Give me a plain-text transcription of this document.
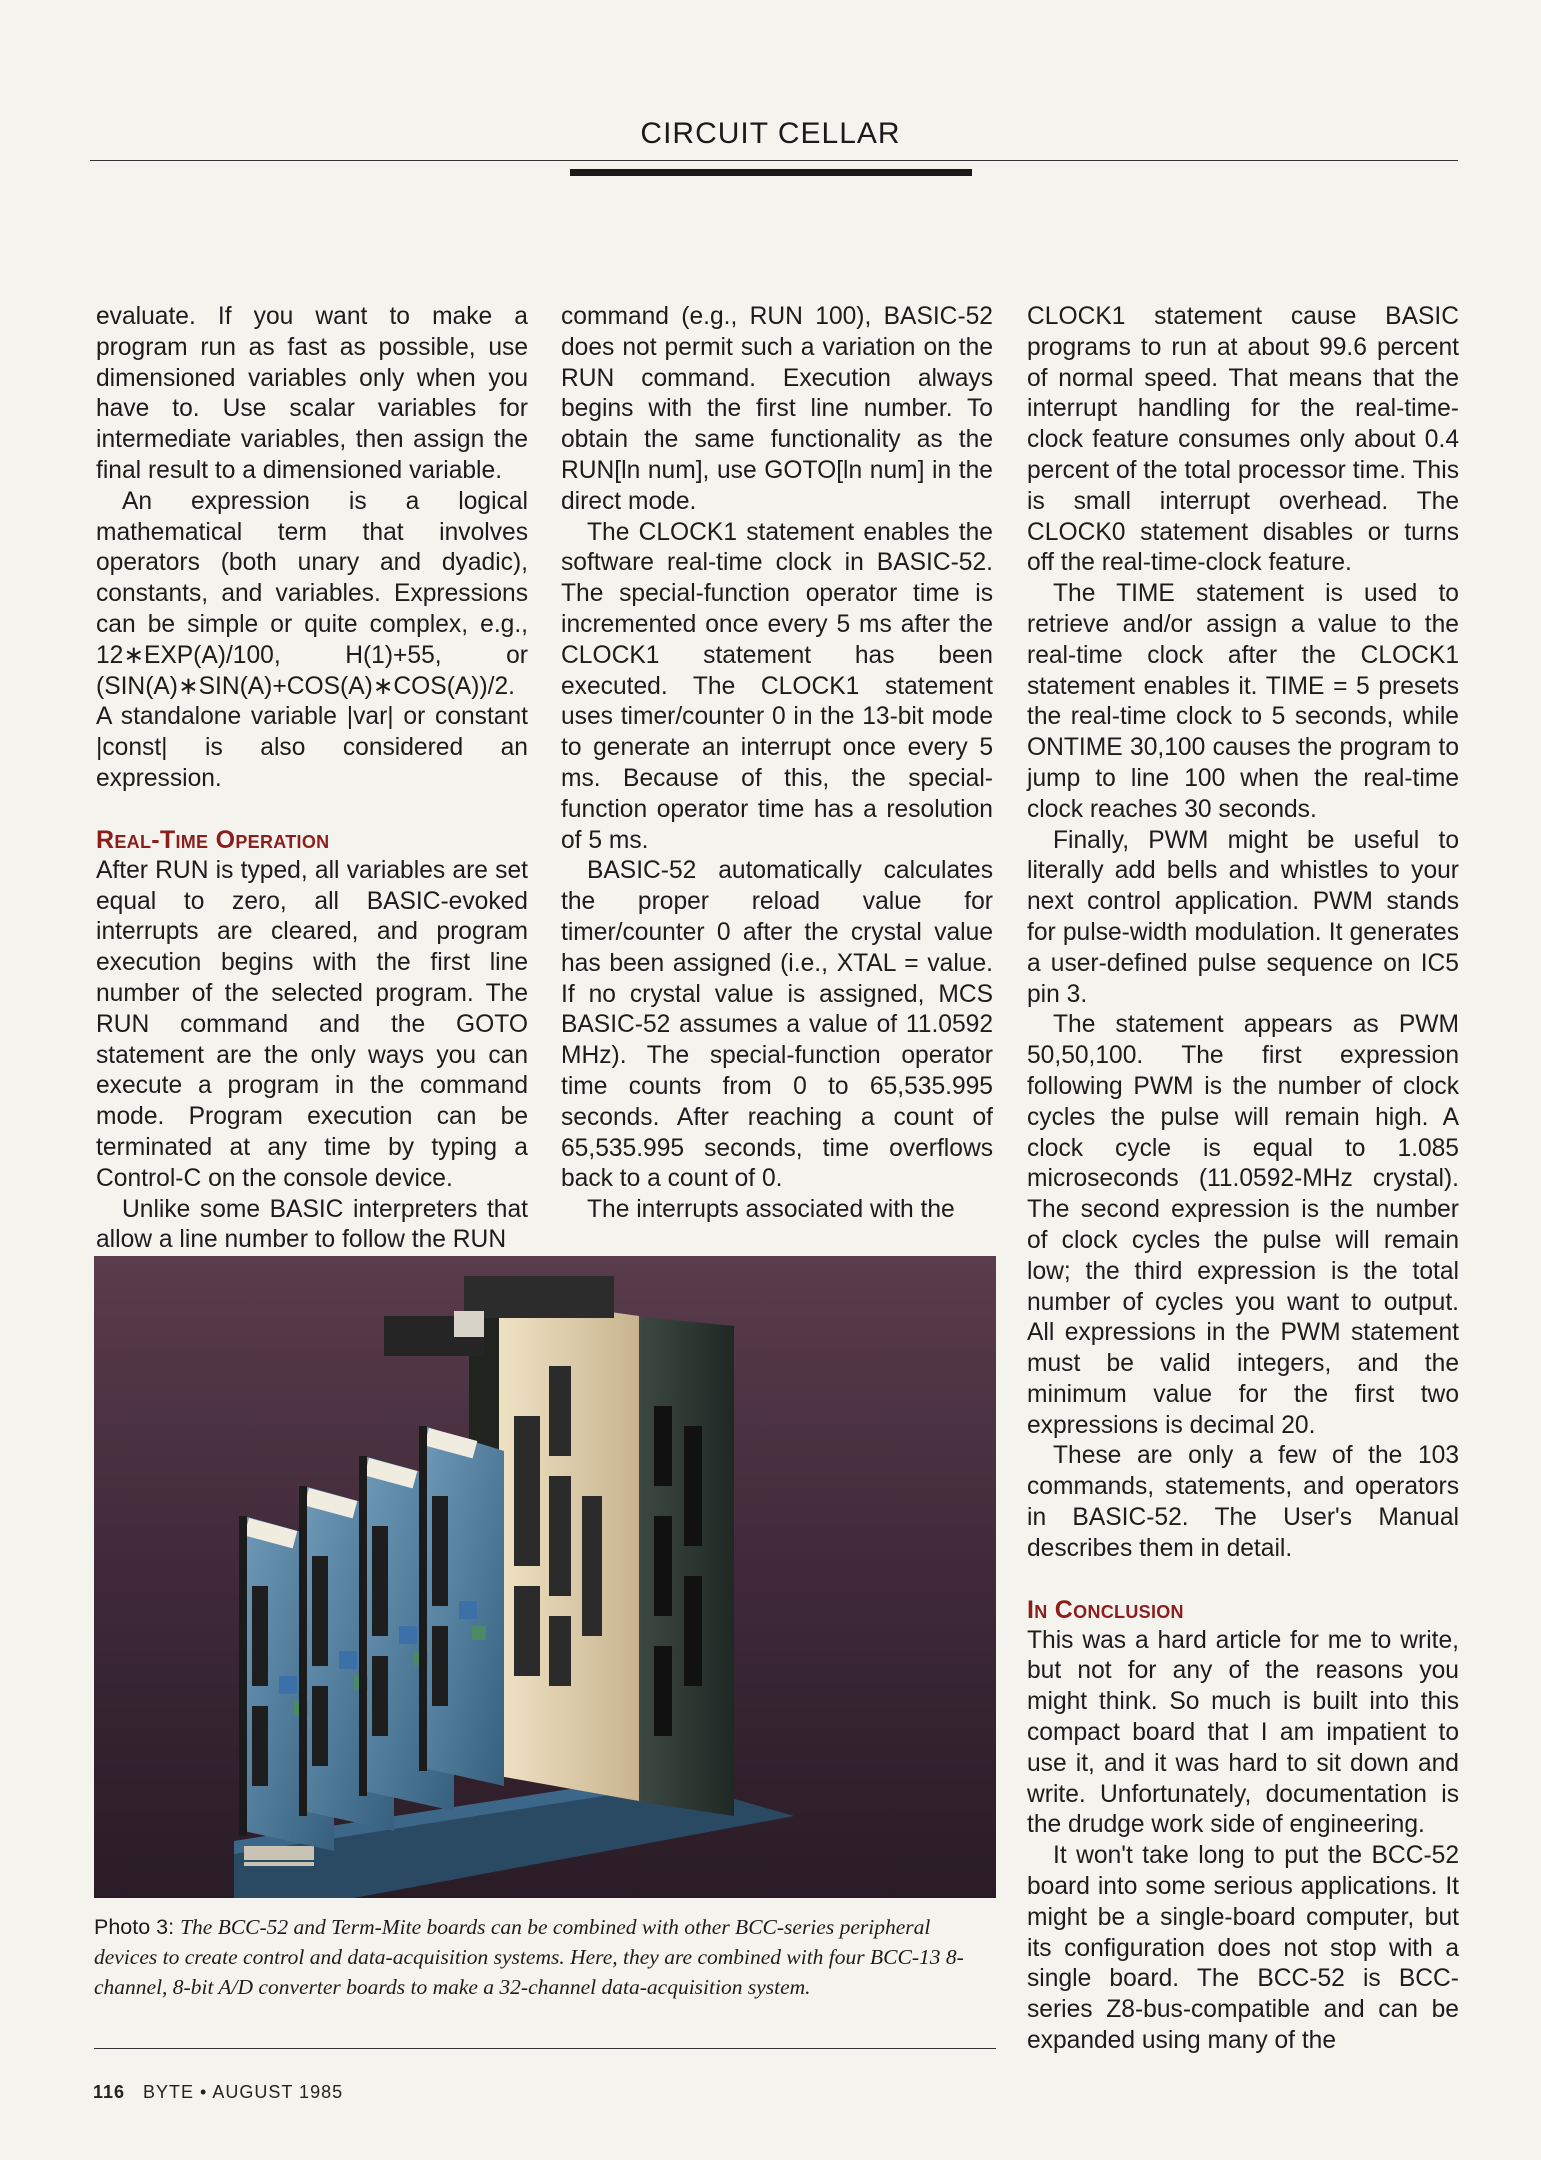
CIRCUIT CELLAR

evaluate. If you want to make a program run as fast as possible, use dimensioned variables only when you have to. Use scalar variables for intermediate variables, then assign the final result to a dimensioned variable.

An expression is a logical mathematical term that involves operators (both unary and dyadic), constants, and variables. Expressions can be simple or quite complex, e.g., 12∗EXP(A)/100, H(1)+55, or (SIN(A)∗SIN(A)+COS(A)∗COS(A))/2. A standalone variable |var| or constant |const| is also considered an expression.

Real-Time Operation

After RUN is typed, all variables are set equal to zero, all BASIC-evoked interrupts are cleared, and program execution begins with the first line number of the selected program. The RUN command and the GOTO statement are the only ways you can execute a program in the command mode. Program execution can be terminated at any time by typing a Control-C on the console device.

Unlike some BASIC interpreters that allow a line number to follow the RUN

command (e.g., RUN 100), BASIC-52 does not permit such a variation on the RUN command. Execution always begins with the first line number. To obtain the same functionality as the RUN[ln num], use GOTO[ln num] in the direct mode.

The CLOCK1 statement enables the software real-time clock in BASIC-52. The special-function operator time is incremented once every 5 ms after the CLOCK1 statement has been executed. The CLOCK1 statement uses timer/counter 0 in the 13-bit mode to generate an interrupt once every 5 ms. Because of this, the special-function operator time has a resolution of 5 ms.

BASIC-52 automatically calculates the proper reload value for timer/counter 0 after the crystal value has been assigned (i.e., XTAL = value. If no crystal value is assigned, MCS BASIC-52 assumes a value of 11.0592 MHz). The special-function operator time counts from 0 to 65,535.995 seconds. After reaching a count of 65,535.995 seconds, time overflows back to a count of 0.

The interrupts associated with the

CLOCK1 statement cause BASIC programs to run at about 99.6 percent of normal speed. That means that the interrupt handling for the real-time-clock feature consumes only about 0.4 percent of the total processor time. This is small interrupt overhead. The CLOCK0 statement disables or turns off the real-time-clock feature.

The TIME statement is used to retrieve and/or assign a value to the real-time clock after the CLOCK1 statement enables it. TIME = 5 presets the real-time clock to 5 seconds, while ONTIME 30,100 causes the program to jump to line 100 when the real-time clock reaches 30 seconds.

Finally, PWM might be useful to literally add bells and whistles to your next control application. PWM stands for pulse-width modulation. It generates a user-defined pulse sequence on IC5 pin 3.

The statement appears as PWM 50,50,100. The first expression following PWM is the number of clock cycles the pulse will remain high. A clock cycle is equal to 1.085 microseconds (11.0592-MHz crystal). The second expression is the number of clock cycles the pulse will remain low; the third expression is the total number of cycles you want to output. All expressions in the PWM statement must be valid integers, and the minimum value for the first two expressions is decimal 20.

These are only a few of the 103 commands, statements, and operators in BASIC-52. The User's Manual describes them in detail.

In Conclusion

This was a hard article for me to write, but not for any of the reasons you might think. So much is built into this compact board that I am impatient to use it, and it was hard to sit down and write. Unfortunately, documentation is the drudge work side of engineering.

It won't take long to put the BCC-52 board into some serious applications. It might be a single-board computer, but its configuration does not stop with a single board. The BCC-52 is BCC-series Z8-bus-compatible and can be expanded using many of the

Photo 3: The BCC-52 and Term-Mite boards can be combined with other BCC-series peripheral devices to create control and data-acquisition systems. Here, they are combined with four BCC-13 8-channel, 8-bit A/D converter boards to make a 32-channel data-acquisition system.
116 BYTE • AUGUST 1985
